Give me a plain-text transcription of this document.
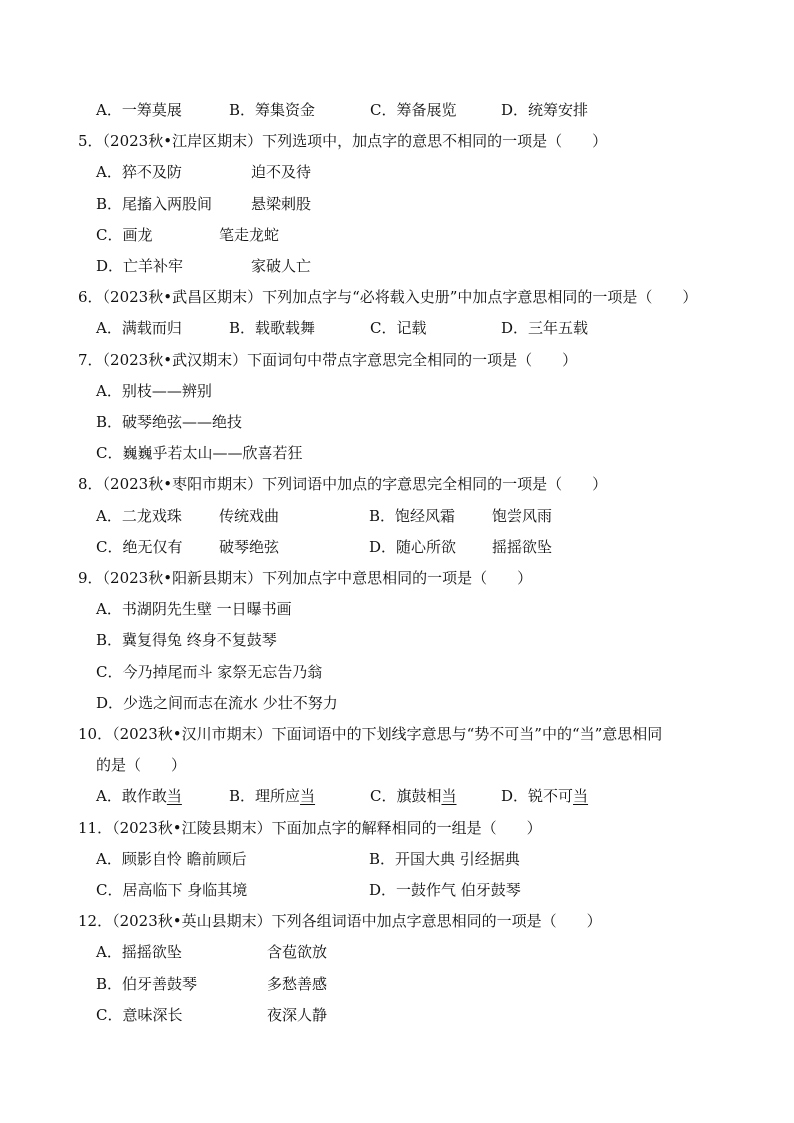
A．一筹莫展	B．筹集资金	C．筹备展览	D．统筹安排
5．（2023秋•江岸区期末）下列选项中，加点字的意思不相同的一项是（　　）
A．猝不及防	迫不及待
B．尾搐入两股间	悬梁刺股
C．画龙	笔走龙蛇
D．亡羊补牢	家破人亡
6．（2023秋•武昌区期末）下列加点字与“必将载入史册”中加点字意思相同的一项是（　　）
A．满载而归	B．载歌载舞	C．记载	D．三年五载
7．（2023秋•武汉期末）下面词句中带点字意思完全相同的一项是（　　）
A．别枝——辨别
B．破琴绝弦——绝技
C．巍巍乎若太山——欣喜若狂
8．（2023秋•枣阳市期末）下列词语中加点的字意思完全相同的一项是（　　）
A．二龙戏珠 传统戏曲	B．饱经风霜 饱尝风雨
C．绝无仅有 破琴绝弦	D．随心所欲 摇摇欲坠
9．（2023秋•阳新县期末）下列加点字中意思相同的一项是（　　）
A．书湖阴先生壁 一日曝书画
B．冀复得兔 终身不复鼓琴
C．今乃掉尾而斗 家祭无忘告乃翁
D．少选之间而志在流水 少壮不努力
10．（2023秋•汉川市期末）下面词语中的下划线字意思与“势不可当”中的“当”意思相同
的是（　　）
A．敢作敢当	B．理所应当	C．旗鼓相当	D．锐不可当
11．（2023秋•江陵县期末）下面加点字的解释相同的一组是（　　）
A．顾影自怜 瞻前顾后	B．开国大典 引经据典
C．居高临下 身临其境	D．一鼓作气 伯牙鼓琴
12．（2023秋•英山县期末）下列各组词语中加点字意思相同的一项是（　　）
A．摇摇欲坠	含苞欲放
B．伯牙善鼓琴	多愁善感
C．意味深长	夜深人静
